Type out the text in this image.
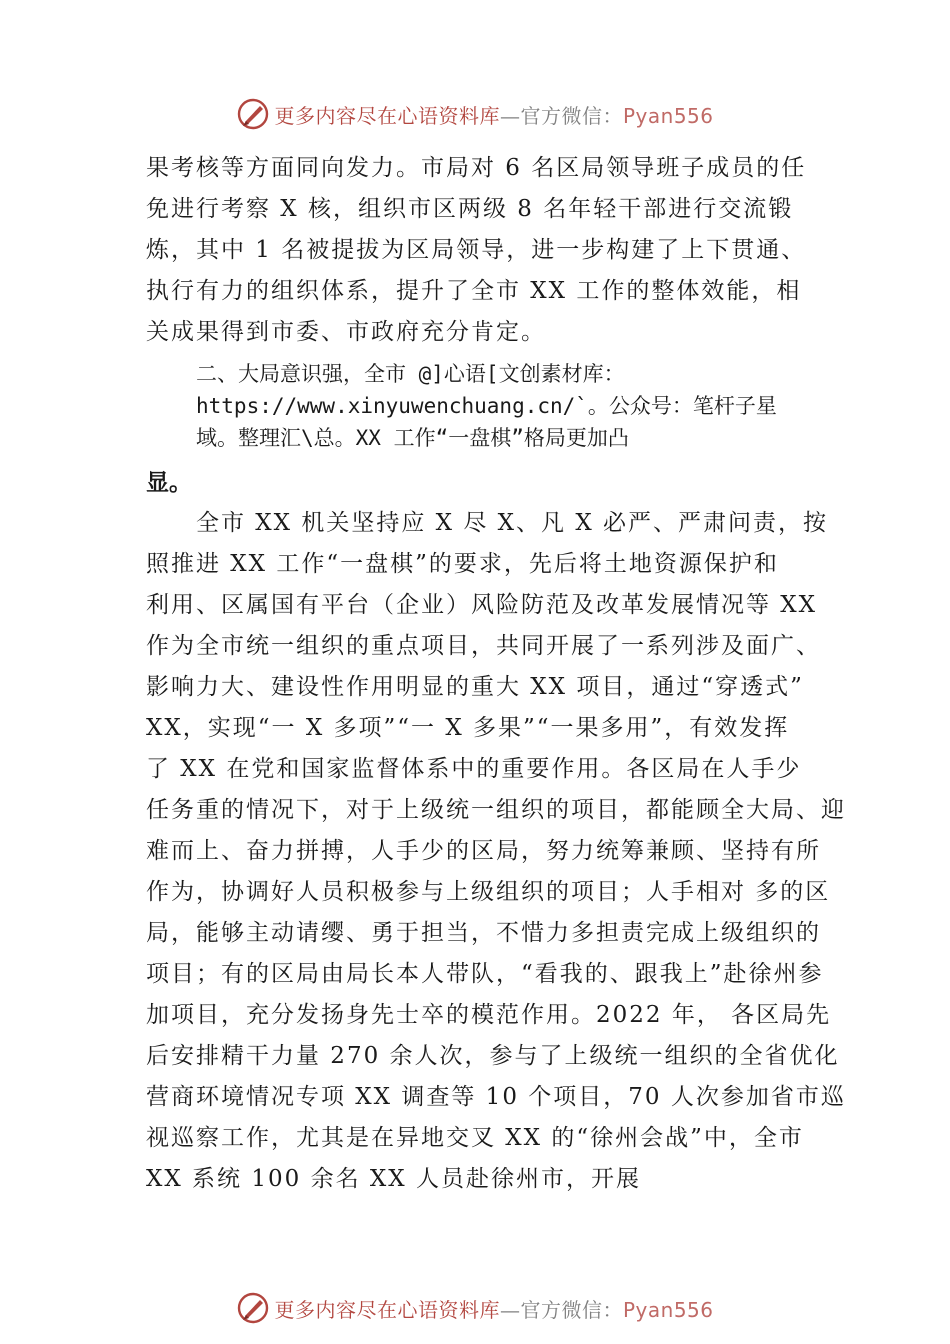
更多内容尽在心语资料库—官方微信：Pyan556
果考核等方面同向发力。市局对 6 名区局领导班子成员的任
免进行考察 X 核，组织市区两级 8 名年轻干部进行交流锻
炼，其中 1 名被提拔为区局领导，进一步构建了上下贯通、
执行有力的组织体系，提升了全市 XX 工作的整体效能，相
关成果得到市委、市政府充分肯定。
二、大局意识强，全市 @]心语[文创素材库：
https://www.xinyuwenchuang.cn/`。公众号：笔杆子星
域。整理汇\总。XX 工作“一盘棋”格局更加凸
显。
全市 XX 机关坚持应 X 尽 X、凡 X 必严、严肃问责，按
照推进 XX 工作“一盘棋”的要求，先后将土地资源保护和
利用、区属国有平台（企业）风险防范及改革发展情况等 XX
作为全市统一组织的重点项目，共同开展了一系列涉及面广、
影响力大、建设性作用明显的重大 XX 项目，通过“穿透式”
XX，实现“一 X 多项”“一 X 多果”“一果多用”，有效发挥
了 XX 在党和国家监督体系中的重要作用。各区局在人手少
任务重的情况下，对于上级统一组织的项目，都能顾全大局、迎
难而上、奋力拼搏，人手少的区局，努力统筹兼顾、坚持有所
作为，协调好人员积极参与上级组织的项目；人手相对 多的区
局，能够主动请缨、勇于担当，不惜力多担责完成上级组织的
项目；有的区局由局长本人带队，“看我的、跟我上”赴徐州参
加项目，充分发扬身先士卒的模范作用。2022 年， 各区局先
后安排精干力量 270 余人次，参与了上级统一组织的全省优化
营商环境情况专项 XX 调查等 10 个项目，70 人次参加省市巡
视巡察工作，尤其是在异地交叉 XX 的“徐州会战”中，全市
XX 系统 100 余名 XX 人员赴徐州市，开展
更多内容尽在心语资料库—官方微信：Pyan556
